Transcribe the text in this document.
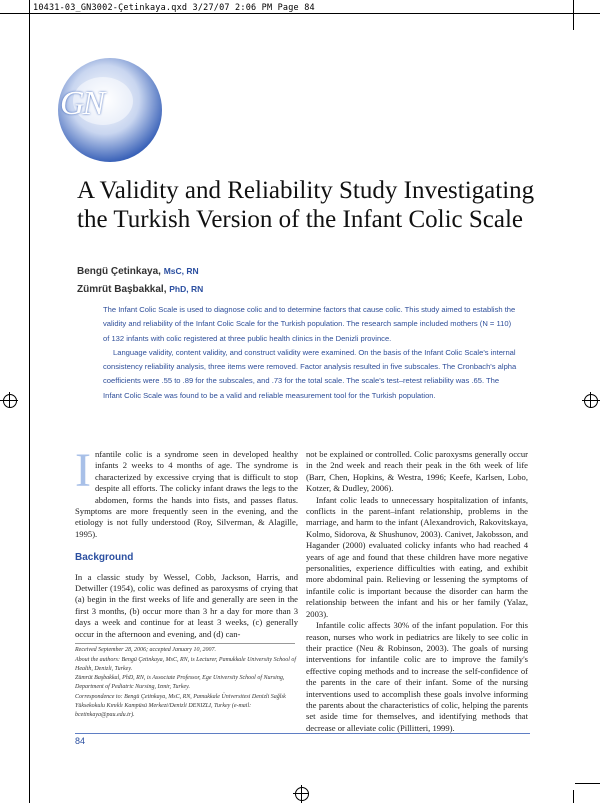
10431-03_GN3002-Çetinkaya.qxd 3/27/07 2:06 PM Page 84
GN
A Validity and Reliability Study Investigating the Turkish Version of the Infant Colic Scale
Bengü Çetinkaya, MsC, RN
Zümrüt Başbakkal, PhD, RN

The Infant Colic Scale is used to diagnose colic and to determine factors that cause colic. This study aimed to establish the validity and reliability of the Infant Colic Scale for the Turkish population. The research sample included mothers (N = 110) of 132 infants with colic registered at three public health clinics in the Denizli province.

Language validity, content validity, and construct validity were examined. On the basis of the Infant Colic Scale's internal consistency reliability analysis, three items were removed. Factor analysis resulted in five subscales. The Cronbach's alpha coefficients were .55 to .89 for the subscales, and .73 for the total scale. The scale's test–retest reliability was .65. The Infant Colic Scale was found to be a valid and reliable measurement tool for the Turkish population.

I nfantile colic is a syndrome seen in developed healthy infants 2 weeks to 4 months of age. The syndrome is characterized by excessive crying that is difficult to stop despite all efforts. The colicky infant draws the legs to the abdomen, forms the hands into fists, and passes flatus. Symptoms are more frequently seen in the evening, and the etiology is not fully understood (Roy, Silverman, & Alagille, 1995).

Background

In a classic study by Wessel, Cobb, Jackson, Harris, and Detwiller (1954), colic was defined as paroxysms of crying that (a) begin in the first weeks of life and generally are seen in the first 3 months, (b) occur more than 3 hr a day for more than 3 days a week and continue for at least 3 weeks, (c) generally occur in the afternoon and evening, and (d) can-

not be explained or controlled. Colic paroxysms generally occur in the 2nd week and reach their peak in the 6th week of life (Barr, Chen, Hopkins, & Westra, 1996; Keefe, Karlsen, Lobo, Kotzer, & Dudley, 2006).

Infant colic leads to unnecessary hospitalization of infants, conflicts in the parent–infant relationship, problems in the marriage, and harm to the infant (Alexandrovich, Rakovitskaya, Kolmo, Sidorova, & Shushunov, 2003). Canivet, Jakobsson, and Hagander (2000) evaluated colicky infants who had reached 4 years of age and found that these children have more negative personalities, experience difficulties with eating, and exhibit more abdominal pain. Relieving or lessening the symptoms of infantile colic is important because the disorder can harm the relationship between the infant and his or her family (Yalaz, 2003).

Infantile colic affects 30% of the infant population. For this reason, nurses who work in pediatrics are likely to see colic in their practice (Neu & Robinson, 2003). The goals of nursing interventions for infantile colic are to improve the family's effective coping methods and to increase the self-confidence of the parents in the care of their infant. Some of the nursing interventions used to accomplish these goals involve informing the parents about the characteristics of colic, helping the parents set aside time for themselves, and identifying methods that decrease or alleviate colic (Pillitteri, 1999).

Received September 28, 2006; accepted January 10, 2007.

About the authors: Bengü Çetinkaya, MsC, RN, is Lecturer, Pamukkale University School of Health, Denizli, Turkey.

Zümrüt Başbakkal, PhD, RN, is Associate Professor, Ege University School of Nursing, Department of Pediatric Nursing, Izmir, Turkey.

Correspondence to: Bengü Çetinkaya, MsC, RN, Pamukkale Üniversitesi Denizli Sağlık Yüksekokulu Kınıklı Kampüsü Merkezi/Denizli DENIZLI, Turkey (e-mail: bcetinkaya@pau.edu.tr).

84
